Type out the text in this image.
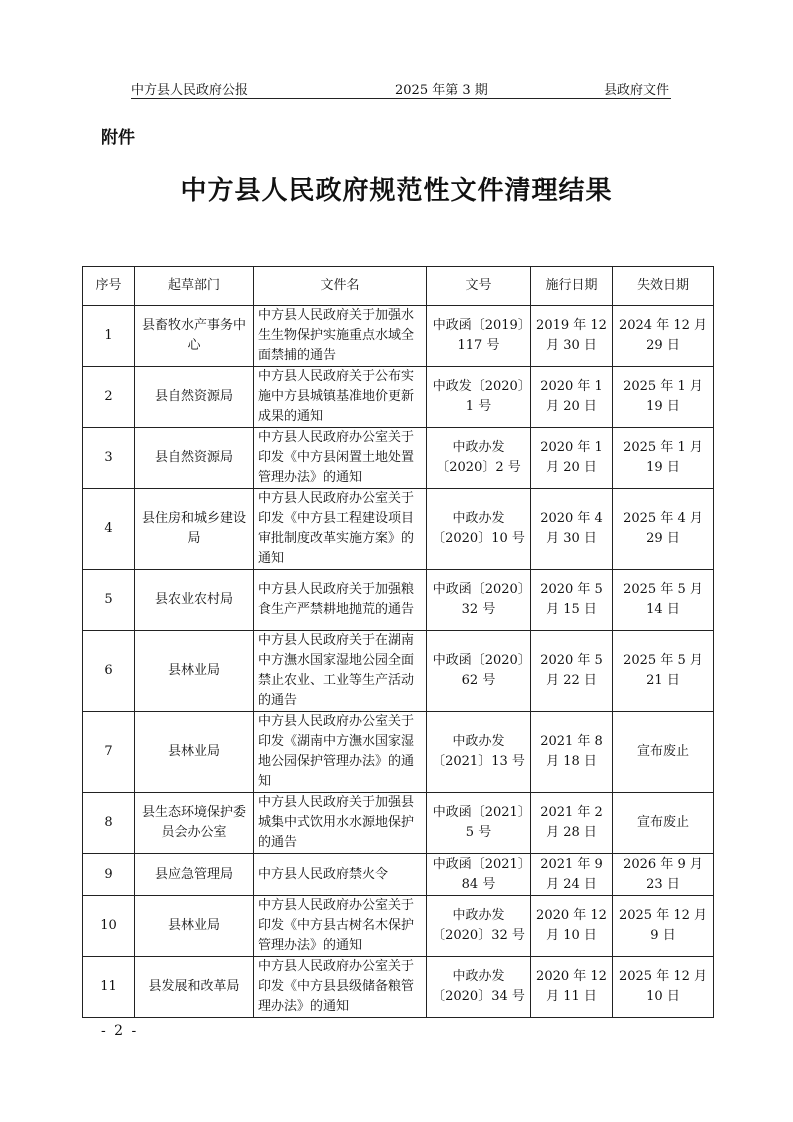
中方县人民政府公报	2025 年第 3 期	县政府文件
附件
中方县人民政府规范性文件清理结果
序号	起草部门	文件名	文号	施行日期	失效日期
1	县畜牧水产事务中心	中方县人民政府关于加强水生生物保护实施重点水域全面禁捕的通告	中政函〔2019〕117 号	2019 年 12 月 30 日	2024 年 12 月 29 日
2	县自然资源局	中方县人民政府关于公布实施中方县城镇基准地价更新成果的通知	中政发〔2020〕1 号	2020 年 1 月 20 日	2025 年 1 月 19 日
3	县自然资源局	中方县人民政府办公室关于印发《中方县闲置土地处置管理办法》的通知	中政办发〔2020〕2 号	2020 年 1 月 20 日	2025 年 1 月 19 日
4	县住房和城乡建设局	中方县人民政府办公室关于印发《中方县工程建设项目审批制度改革实施方案》的通知	中政办发〔2020〕10 号	2020 年 4 月 30 日	2025 年 4 月 29 日
5	县农业农村局	中方县人民政府关于加强粮食生产严禁耕地抛荒的通告	中政函〔2020〕32 号	2020 年 5 月 15 日	2025 年 5 月 14 日
6	县林业局	中方县人民政府关于在湖南中方潕水国家湿地公园全面禁止农业、工业等生产活动的通告	中政函〔2020〕62 号	2020 年 5 月 22 日	2025 年 5 月 21 日
7	县林业局	中方县人民政府办公室关于印发《湖南中方潕水国家湿地公园保护管理办法》的通知	中政办发〔2021〕13 号	2021 年 8 月 18 日	宣布废止
8	县生态环境保护委员会办公室	中方县人民政府关于加强县城集中式饮用水水源地保护的通告	中政函〔2021〕5 号	2021 年 2 月 28 日	宣布废止
9	县应急管理局	中方县人民政府禁火令	中政函〔2021〕84 号	2021 年 9 月 24 日	2026 年 9 月 23 日
10	县林业局	中方县人民政府办公室关于印发《中方县古树名木保护管理办法》的通知	中政办发〔2020〕32 号	2020 年 12 月 10 日	2025 年 12 月 9 日
11	县发展和改革局	中方县人民政府办公室关于印发《中方县县级储备粮管理办法》的通知	中政办发〔2020〕34 号	2020 年 12 月 11 日	2025 年 12 月 10 日
- 2 -
